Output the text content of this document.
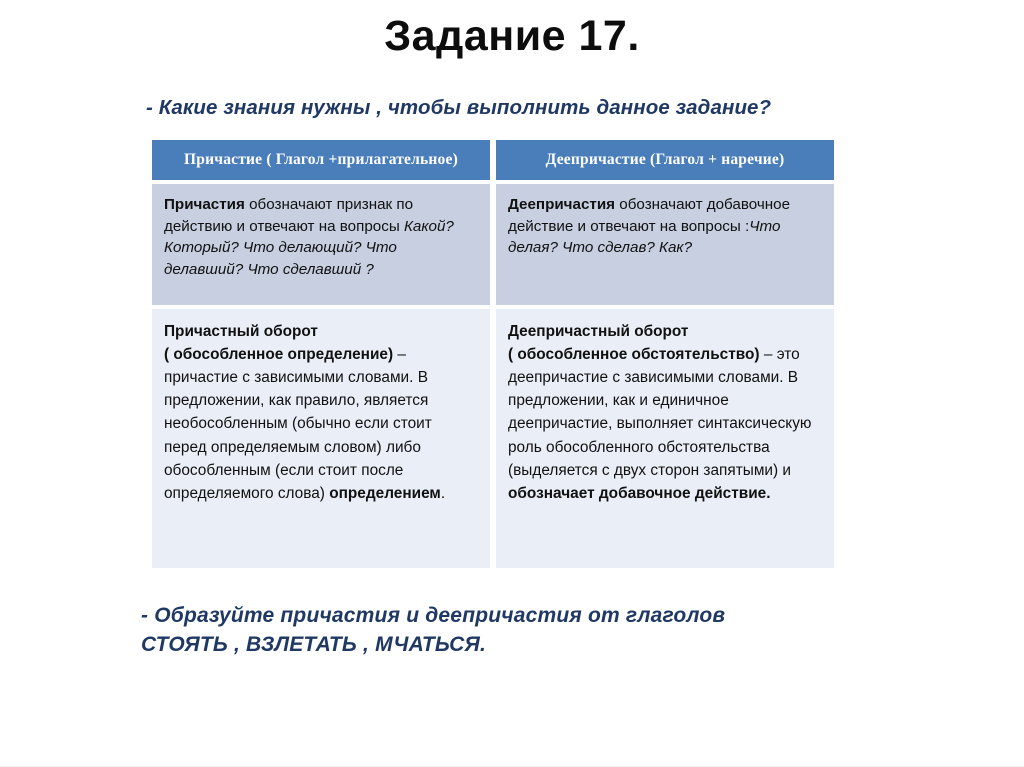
Задание 17.
- Какие знания нужны , чтобы выполнить данное задание?
Причастие ( Глагол +прилагательное)	Деепричастие (Глагол + наречие)
Причастия обозначают признак по действию и отвечают на вопросы Какой? Который? Что делающий? Что делавший? Что сделавший ?
Деепричастия обозначают добавочное действие и отвечают на вопросы :Что делая? Что сделав? Как?
Причастный оборот
( обособленное определение) – причастие с зависимыми словами. В предложении, как правило, является необособленным (обычно если стоит перед определяемым словом) либо обособленным (если стоит после определяемого слова) определением.
Деепричастный оборот
( обособленное обстоятельство) – это деепричастие с зависимыми словами. В предложении, как и единичное деепричастие, выполняет синтаксическую роль обособленного обстоятельства (выделяется с двух сторон запятыми) и обозначает добавочное действие.
- Образуйте причастия и деепричастия от глаголов
СТОЯТЬ , ВЗЛЕТАТЬ , МЧАТЬСЯ.
